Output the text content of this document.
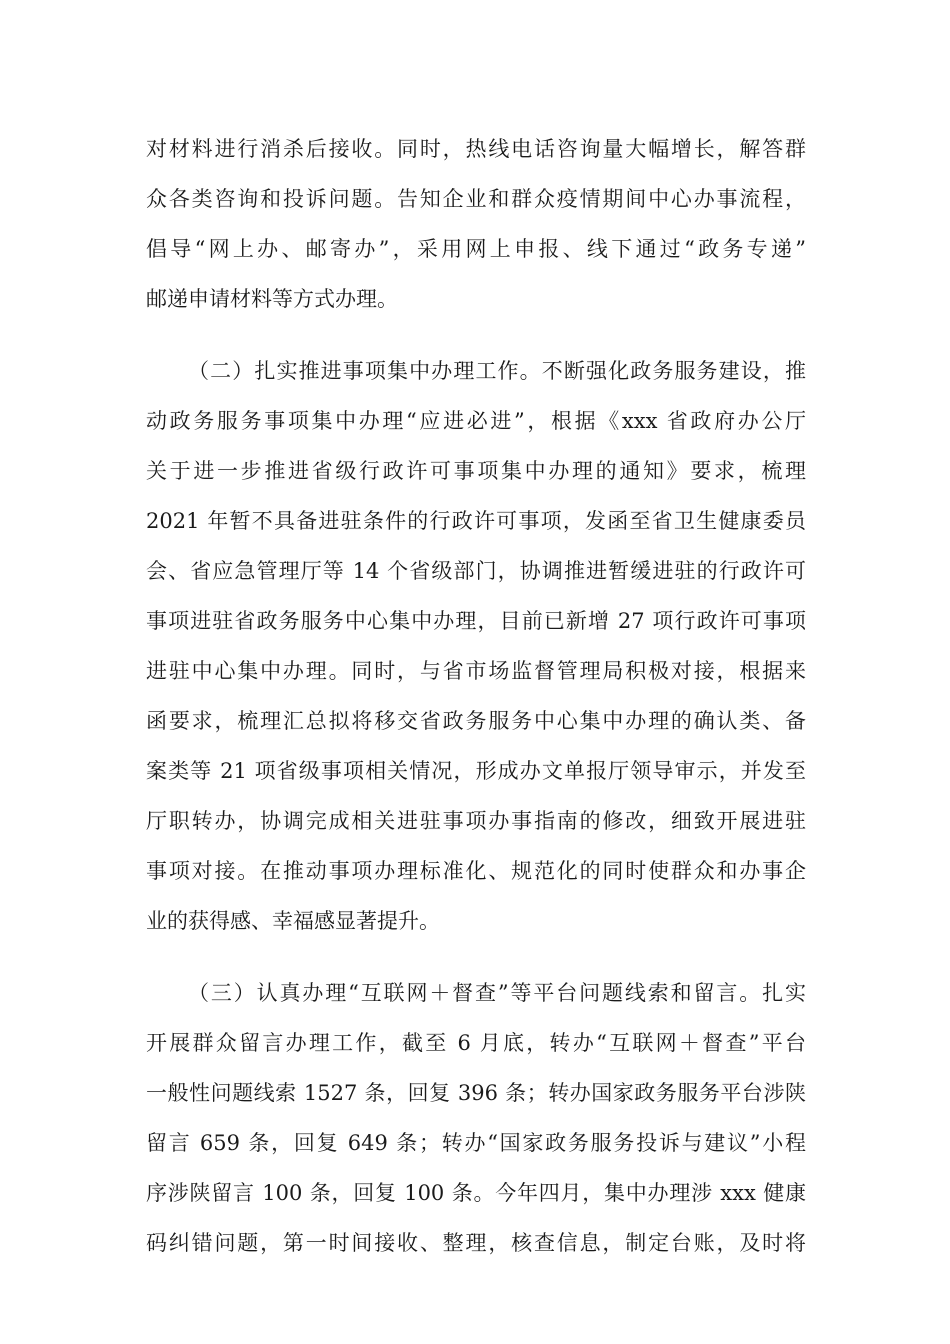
对材料进行消杀后接收。同时，热线电话咨询量大幅增长，解答群
众各类咨询和投诉问题。告知企业和群众疫情期间中心办事流程，
倡导“网上办、邮寄办”，采用网上申报、线下通过“政务专递”
邮递申请材料等方式办理。
（二）扎实推进事项集中办理工作。不断强化政务服务建设，推
动政务服务事项集中办理“应进必进”，根据《xxx 省政府办公厅
关于进一步推进省级行政许可事项集中办理的通知》要求，梳理
2021 年暂不具备进驻条件的行政许可事项，发函至省卫生健康委员
会、省应急管理厅等 14 个省级部门，协调推进暂缓进驻的行政许可
事项进驻省政务服务中心集中办理，目前已新增 27 项行政许可事项
进驻中心集中办理。同时，与省市场监督管理局积极对接，根据来
函要求，梳理汇总拟将移交省政务服务中心集中办理的确认类、备
案类等 21 项省级事项相关情况，形成办文单报厅领导审示，并发至
厅职转办，协调完成相关进驻事项办事指南的修改，细致开展进驻
事项对接。在推动事项办理标准化、规范化的同时使群众和办事企
业的获得感、幸福感显著提升。
（三）认真办理“互联网＋督查”等平台问题线索和留言。扎实
开展群众留言办理工作，截至 6 月底，转办“互联网＋督查”平台
一般性问题线索 1527 条，回复 396 条；转办国家政务服务平台涉陕
留言 659 条，回复 649 条；转办“国家政务服务投诉与建议”小程
序涉陕留言 100 条，回复 100 条。今年四月，集中办理涉 xxx 健康
码纠错问题，第一时间接收、整理，核查信息，制定台账，及时将
